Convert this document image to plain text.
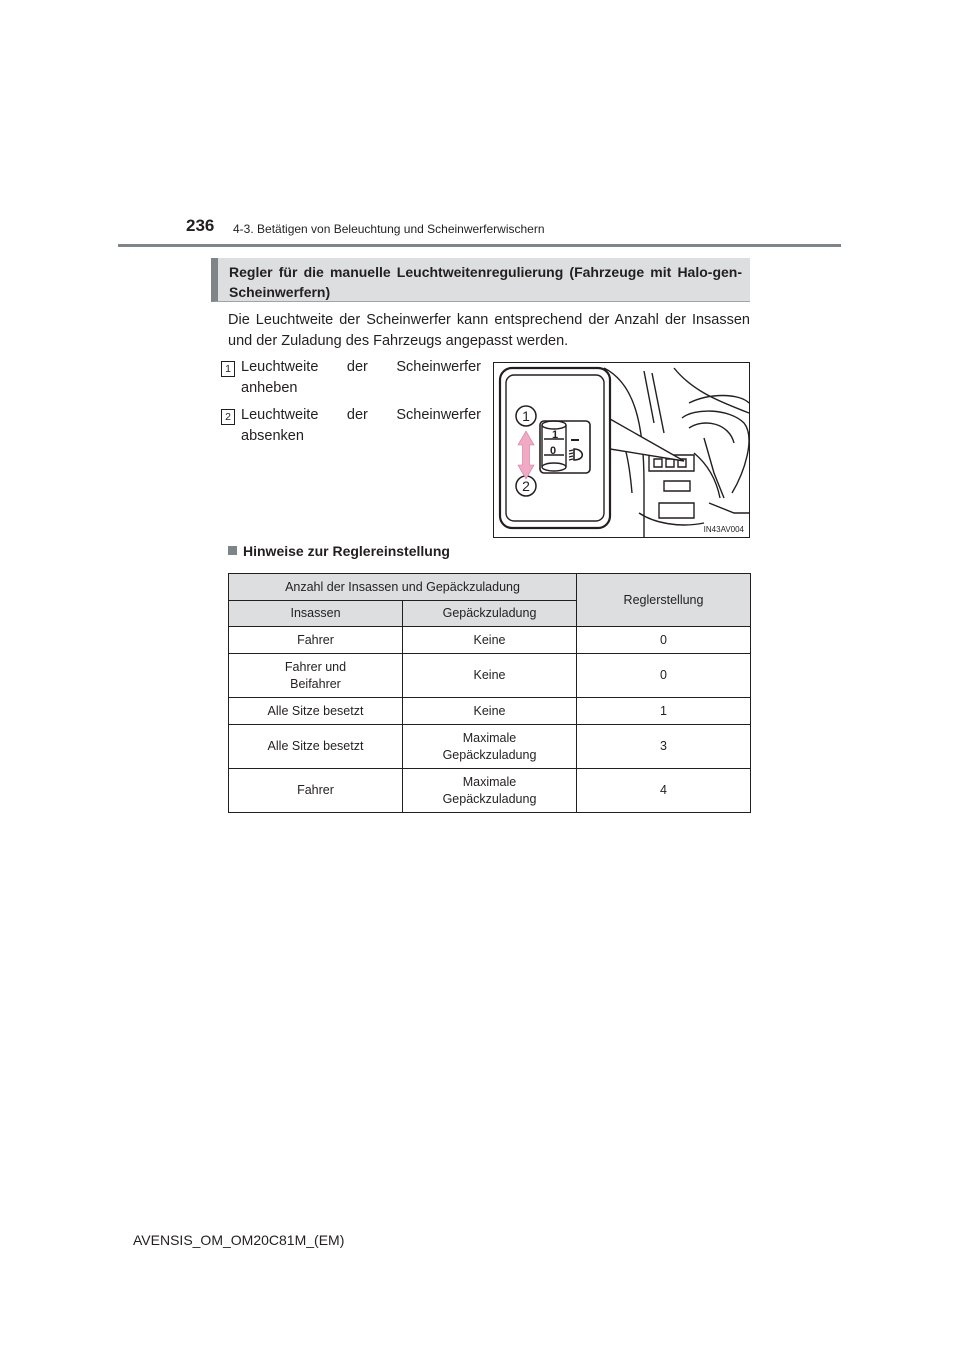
236 4-3. Betätigen von Beleuchtung und Scheinwerferwischern
Regler für die manuelle Leuchtweitenregulierung (Fahrzeuge mit Halo-gen-Scheinwerfern)
Die Leuchtweite der Scheinwerfer kann entsprechend der Anzahl der Insassen und der Zuladung des Fahrzeugs angepasst werden.
1 Leuchtweite der Scheinwerfer
anheben
2 Leuchtweite der Scheinwerfer
absenken
1
2
1
0
IN43AV004
Hinweise zur Reglereinstellung
Anzahl der Insassen und Gepäckzuladung		Reglerstellung
Insassen	Gepäckzuladung	
Fahrer	Keine	0
Fahrer und Beifahrer	Keine	0
Alle Sitze besetzt	Keine	1
Alle Sitze besetzt	Maximale Gepäckzuladung	3
Fahrer	Maximale Gepäckzuladung	4
AVENSIS_OM_OM20C81M_(EM)
